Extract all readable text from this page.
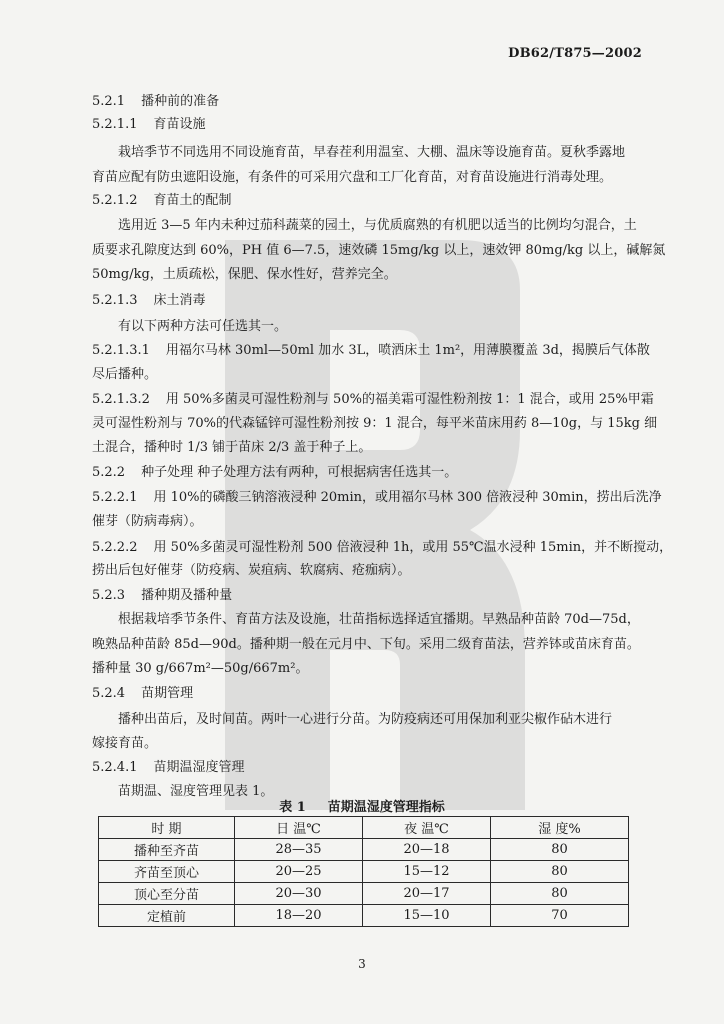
DB62/T875—2002
5.2.1 播种前的准备
5.2.1.1 育苗设施
栽培季节不同选用不同设施育苗，早春茬利用温室、大棚、温床等设施育苗。夏秋季露地
育苗应配有防虫遮阳设施，有条件的可采用穴盘和工厂化育苗，对育苗设施进行消毒处理。
5.2.1.2 育苗土的配制
选用近 3—5 年内未种过茄科蔬菜的园土，与优质腐熟的有机肥以适当的比例均匀混合，土
质要求孔隙度达到 60%，PH 值 6—7.5，速效磷 15mg/kg 以上，速效钾 80mg/kg 以上，碱解氮
50mg/kg，土质疏松，保肥、保水性好，营养完全。
5.2.1.3 床土消毒
有以下两种方法可任选其一。
5.2.1.3.1 用福尔马林 30ml—50ml 加水 3L，喷洒床土 1m²，用薄膜覆盖 3d，揭膜后气体散
尽后播种。
5.2.1.3.2 用 50%多菌灵可湿性粉剂与 50%的福美霜可湿性粉剂按 1：1 混合，或用 25%甲霜
灵可湿性粉剂与 70%的代森锰锌可湿性粉剂按 9：1 混合，每平米苗床用药 8—10g，与 15kg 细
土混合，播种时 1/3 铺于苗床 2/3 盖于种子上。
5.2.2 种子处理 种子处理方法有两种，可根据病害任选其一。
5.2.2.1 用 10%的磷酸三钠溶液浸种 20min，或用福尔马林 300 倍液浸种 30min，捞出后洗净
催芽（防病毒病）。
5.2.2.2 用 50%多菌灵可湿性粉剂 500 倍液浸种 1h，或用 55℃温水浸种 15min，并不断搅动，
捞出后包好催芽（防疫病、炭疽病、软腐病、疮痂病）。
5.2.3 播种期及播种量
根据栽培季节条件、育苗方法及设施，壮苗指标选择适宜播期。早熟品种苗龄 70d—75d，
晚熟品种苗龄 85d—90d。播种期一般在元月中、下旬。采用二级育苗法，营养钵或苗床育苗。
播种量 30 g/667m²—50g/667m²。
5.2.4 苗期管理
播种出苗后，及时间苗。两叶一心进行分苗。为防疫病还可用保加利亚尖椒作砧木进行
嫁接育苗。
5.2.4.1 苗期温湿度管理
苗期温、湿度管理见表 1。
表 1 苗期温湿度管理指标
时 期	日 温℃	夜 温℃	湿 度%
播种至齐苗	28—35	20—18	80
齐苗至顶心	20—25	15—12	80
顶心至分苗	20—30	20—17	80
定植前	18—20	15—10	70
3
